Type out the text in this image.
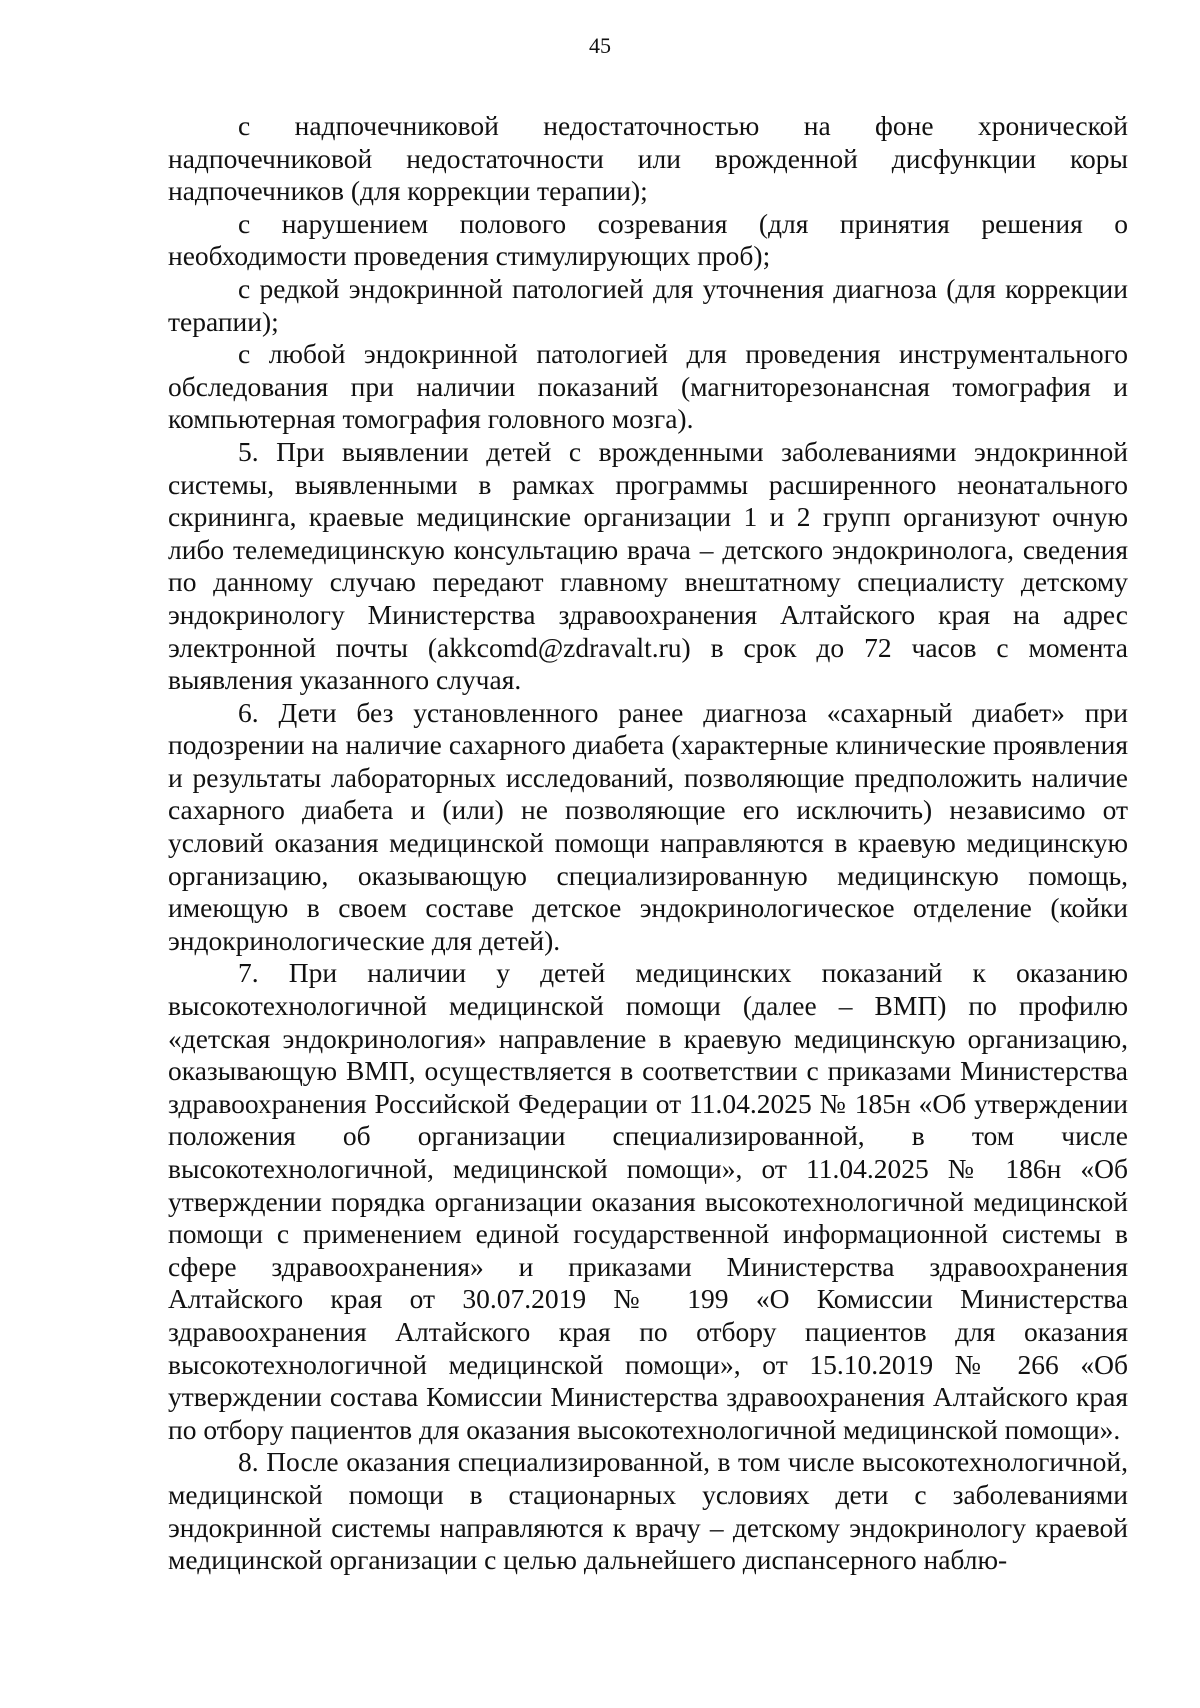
45

с надпочечниковой недостаточностью на фоне хронической надпочечниковой недостаточности или врожденной дисфункции коры надпочечников (для коррекции терапии);

с нарушением полового созревания (для принятия решения о необходимости проведения стимулирующих проб);

с редкой эндокринной патологией для уточнения диагноза (для коррекции терапии);

с любой эндокринной патологией для проведения инструментального обследования при наличии показаний (магниторезонансная томография и компьютерная томография головного мозга).

5. При выявлении детей с врожденными заболеваниями эндокринной системы, выявленными в рамках программы расширенного неонатального скрининга, краевые медицинские организации 1 и 2 групп организуют очную либо телемедицинскую консультацию врача – детского эндокринолога, сведения по данному случаю передают главному внештатному специалисту детскому эндокринологу Министерства здравоохранения Алтайского края на адрес электронной почты (akkcomd@zdravalt.ru) в срок до 72 часов с момента выявления указанного случая.

6. Дети без установленного ранее диагноза «сахарный диабет» при подозрении на наличие сахарного диабета (характерные клинические проявления и результаты лабораторных исследований, позволяющие предположить наличие сахарного диабета и (или) не позволяющие его исключить) независимо от условий оказания медицинской помощи направляются в краевую медицинскую организацию, оказывающую специализированную медицинскую помощь, имеющую в своем составе детское эндокринологическое отделение (койки эндокринологические для детей).

7. При наличии у детей медицинских показаний к оказанию высокотехнологичной медицинской помощи (далее – ВМП) по профилю «детская эндокринология» направление в краевую медицинскую организацию, оказывающую ВМП, осуществляется в соответствии с приказами Министерства здравоохранения Российской Федерации от 11.04.2025 № 185н «Об утверждении положения об организации специализированной, в том числе высокотехнологичной, медицинской помощи», от 11.04.2025 № 186н «Об утверждении порядка организации оказания высокотехнологичной медицинской помощи с применением единой государственной информационной системы в сфере здравоохранения» и приказами Министерства здравоохранения Алтайского края от 30.07.2019 № 199 «О Комиссии Министерства здравоохранения Алтайского края по отбору пациентов для оказания высокотехнологичной медицинской помощи», от 15.10.2019 № 266 «Об утверждении состава Комиссии Министерства здравоохранения Алтайского края по отбору пациентов для оказания высокотехнологичной медицинской помощи».

8. После оказания специализированной, в том числе высокотехнологичной, медицинской помощи в стационарных условиях дети с заболеваниями эндокринной системы направляются к врачу – детскому эндокринологу краевой медицинской организации с целью дальнейшего диспансерного наблю-
